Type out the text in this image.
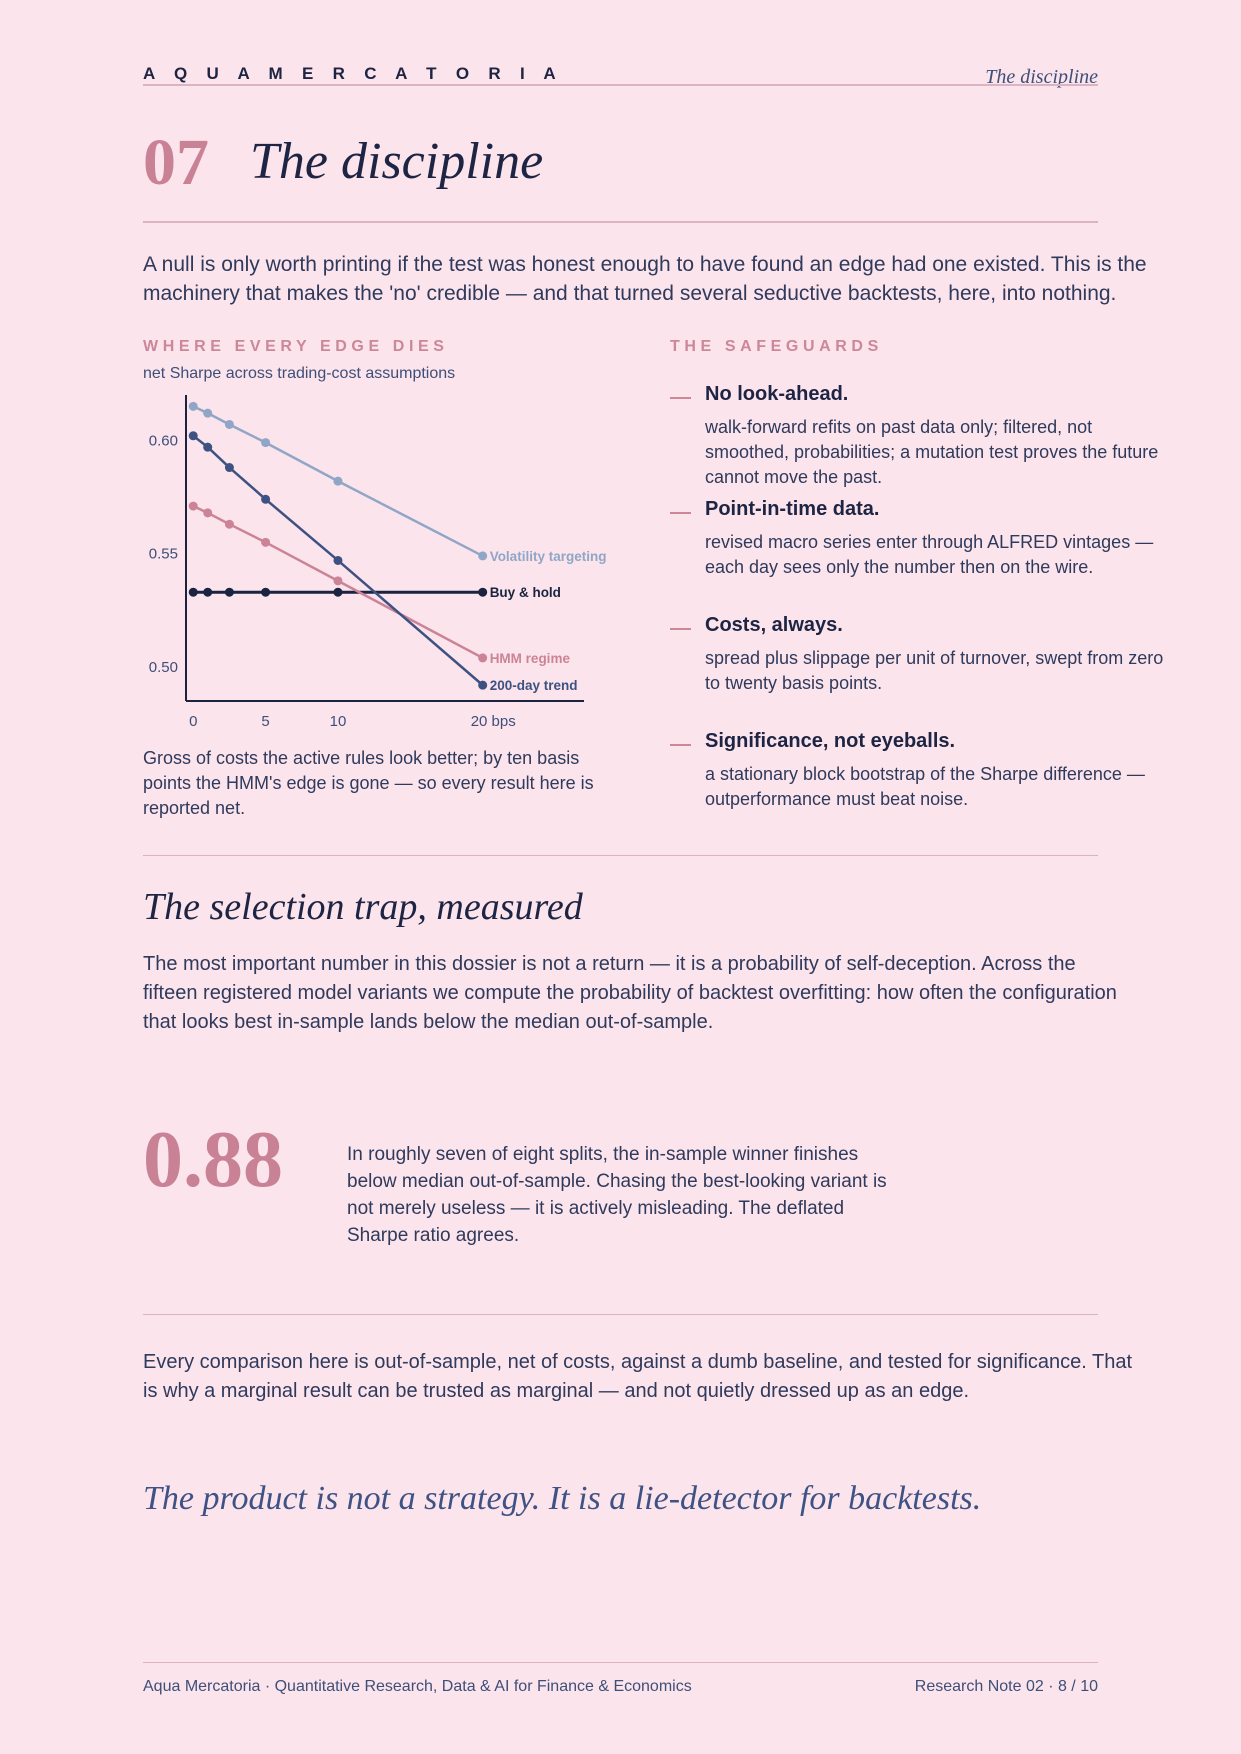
A Q U A M E R C A T O R I A	The discipline
07 The discipline
A null is only worth printing if the test was honest enough to have found an edge had one existed. This is the machinery that makes the 'no' credible — and that turned several seductive backtests, here, into nothing.
WHERE EVERY EDGE DIES
net Sharpe across trading-cost assumptions
0.50
0.55
0.60
0	5	10	20 bps
Volatility targeting
Buy & hold
HMM regime
200-day trend
Gross of costs the active rules look better; by ten basis points the HMM's edge is gone — so every result here is reported net.
THE SAFEGUARDS
No look-ahead.
walk-forward refits on past data only; filtered, not smoothed, probabilities; a mutation test proves the future cannot move the past.
Point-in-time data.
revised macro series enter through ALFRED vintages — each day sees only the number then on the wire.
Costs, always.
spread plus slippage per unit of turnover, swept from zero to twenty basis points.
Significance, not eyeballs.
a stationary block bootstrap of the Sharpe difference — outperformance must beat noise.
The selection trap, measured
The most important number in this dossier is not a return — it is a probability of self-deception. Across the fifteen registered model variants we compute the probability of backtest overfitting: how often the configuration that looks best in-sample lands below the median out-of-sample.
0.88	In roughly seven of eight splits, the in-sample winner finishes below median out-of-sample. Chasing the best-looking variant is not merely useless — it is actively misleading. The deflated Sharpe ratio agrees.
Every comparison here is out-of-sample, net of costs, against a dumb baseline, and tested for significance. That is why a marginal result can be trusted as marginal — and not quietly dressed up as an edge.
The product is not a strategy. It is a lie-detector for backtests.
Aqua Mercatoria · Quantitative Research, Data & AI for Finance & Economics	Research Note 02 · 8 / 10
